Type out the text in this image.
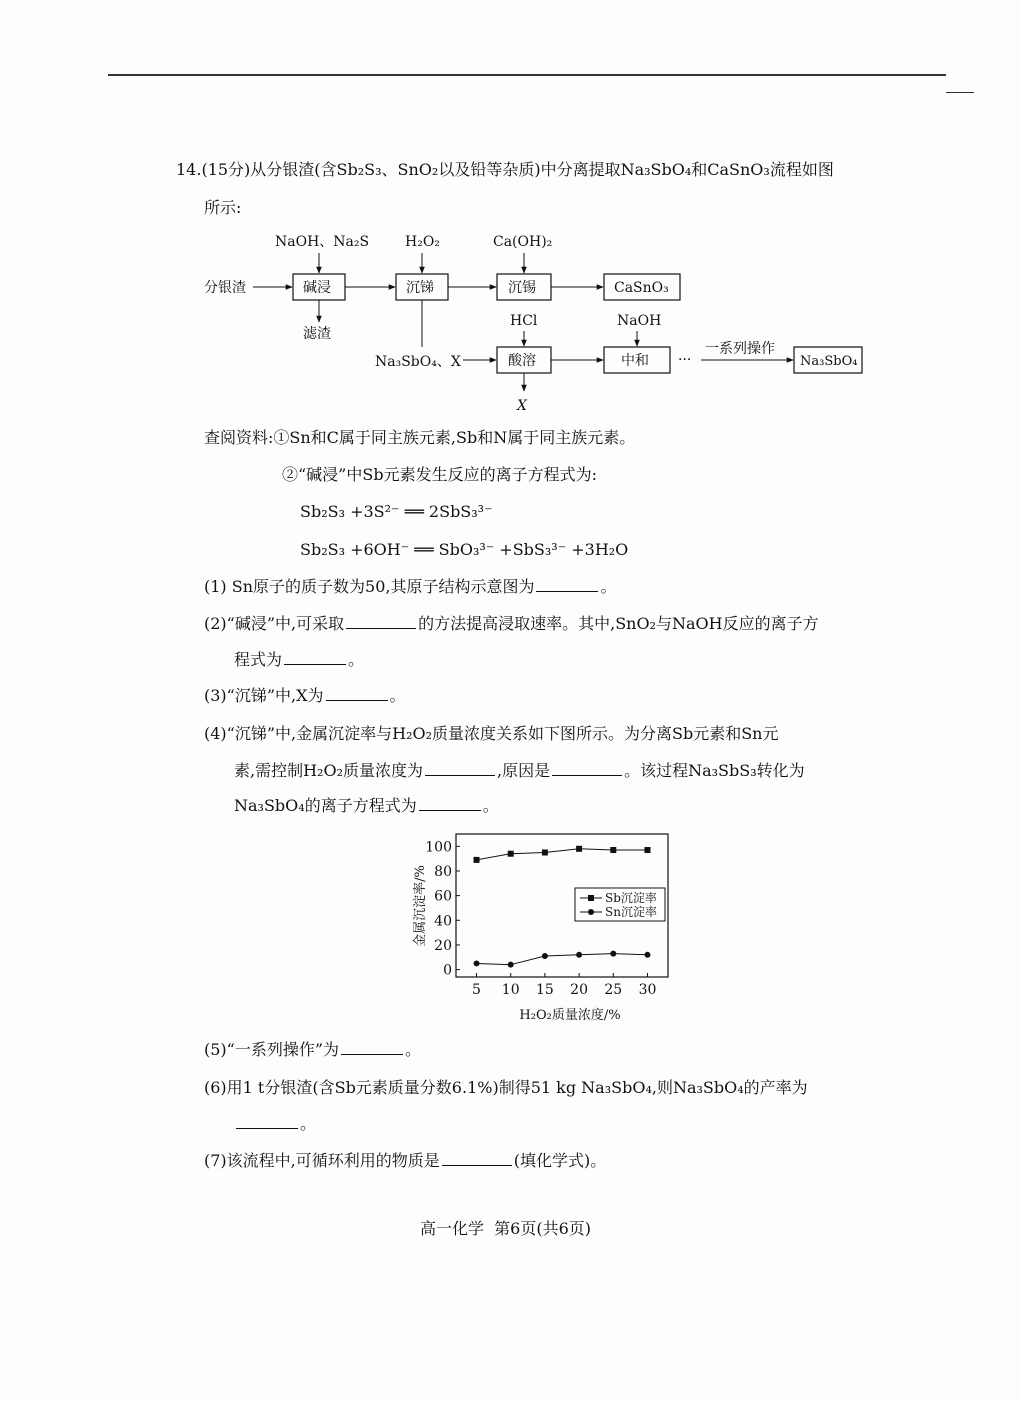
14.(15分)从分银渣(含Sb₂S₃、SnO₂以及铅等杂质)中分离提取Na₃SbO₄和CaSnO₃流程如图
所示:
NaOH、Na₂S	H₂O₂	Ca(OH)₂
分银渣	碱浸	沉锑	沉锡	CaSnO₃
滤渣
HCl	NaOH
Na₃SbO₄、X	酸溶	中和 ···
一系列操作
Na₃SbO₄
X
查阅资料:①Sn和C属于同主族元素,Sb和N属于同主族元素。
②“碱浸”中Sb元素发生反应的离子方程式为:
Sb₂S₃ +3S²⁻ ══ 2SbS₃³⁻
Sb₂S₃ +6OH⁻ ══ SbO₃³⁻ +SbS₃³⁻ +3H₂O
(1) Sn原子的质子数为50,其原子结构示意图为	。
(2)“碱浸”中,可采取	的方法提高浸取速率。其中,SnO₂与NaOH反应的离子方
程式为	。
(3)“沉锑”中,X为	。
(4)“沉锑”中,金属沉淀率与H₂O₂质量浓度关系如下图所示。为分离Sb元素和Sn元
素,需控制H₂O₂质量浓度为	,原因是	。该过程Na₃SbS₃转化为
Na₃SbO₄的离子方程式为	。
0
20
40
60
80
100
5 10 15 20 25 30
金属沉淀率/%
H₂O₂质量浓度/%
Sb沉淀率
Sn沉淀率
(5)“一系列操作”为	。
(6)用1 t分银渣(含Sb元素质量分数6.1%)制得51 kg Na₃SbO₄,则Na₃SbO₄的产率为
。
(7)该流程中,可循环利用的物质是	(填化学式)。
高一化学  第6页(共6页)
